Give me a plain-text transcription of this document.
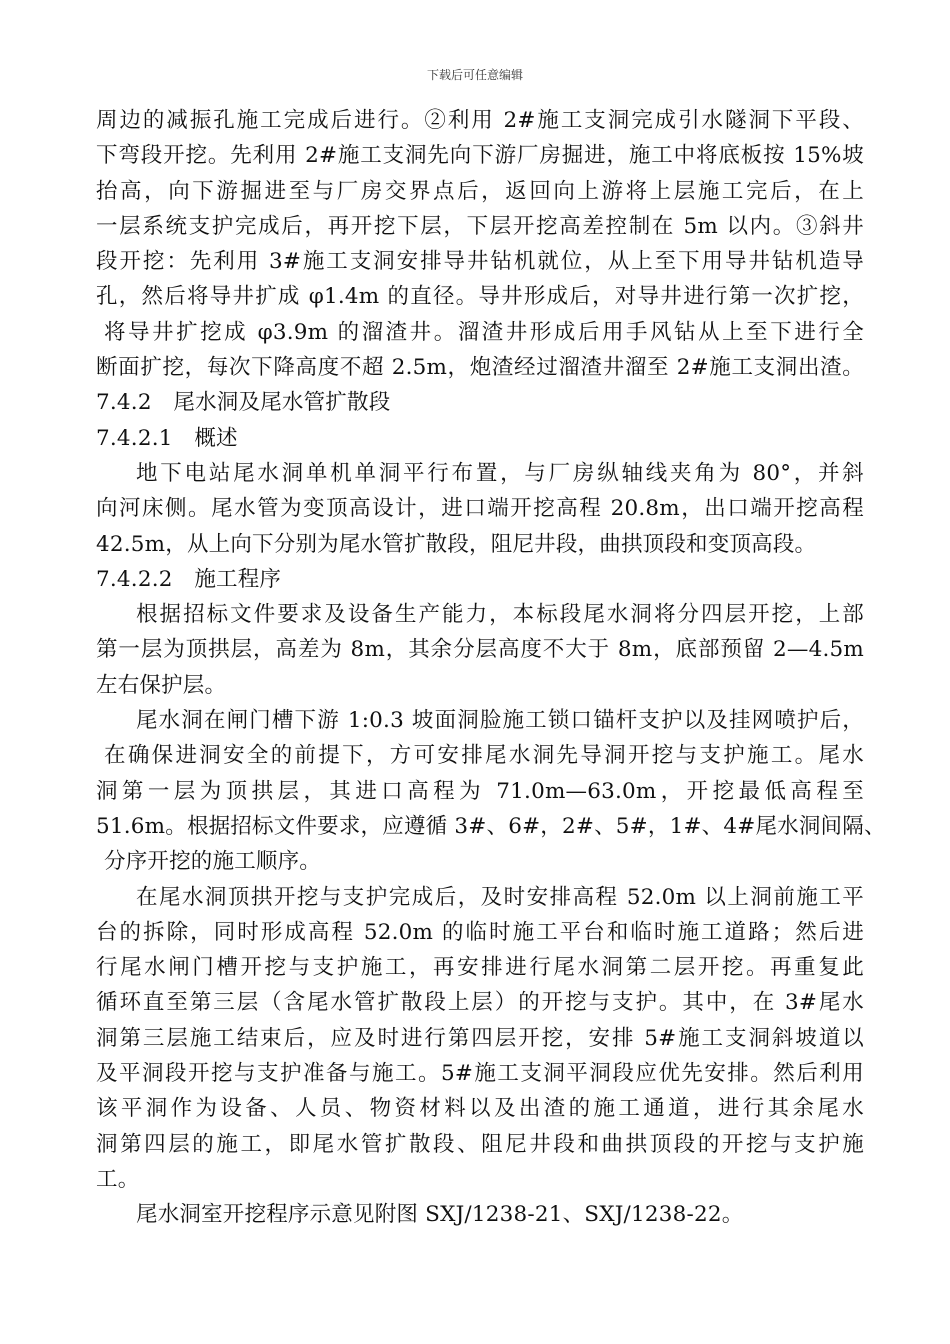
下载后可任意编辑
周边的减振孔施工完成后进行。②利用 2#施工支洞完成引水隧洞下平段、
下弯段开挖。先利用 2#施工支洞先向下游厂房掘进，施工中将底板按 15%坡
抬高，向下游掘进至与厂房交界点后，返回向上游将上层施工完后，在上
一层系统支护完成后，再开挖下层，下层开挖高差控制在 5m 以内。③斜井
段开挖：先利用 3#施工支洞安排导井钻机就位，从上至下用导井钻机造导
孔，然后将导井扩成 φ1.4m 的直径。导井形成后，对导井进行第一次扩挖，
将导井扩挖成 φ3.9m 的溜渣井。溜渣井形成后用手风钻从上至下进行全
断面扩挖，每次下降高度不超 2.5m，炮渣经过溜渣井溜至 2#施工支洞出渣。
7.4.2　尾水洞及尾水管扩散段
7.4.2.1　概述
地下电站尾水洞单机单洞平行布置，与厂房纵轴线夹角为 80°，并斜
向河床侧。尾水管为变顶高设计，进口端开挖高程 20.8m，出口端开挖高程
42.5m，从上向下分别为尾水管扩散段，阻尼井段，曲拱顶段和变顶高段。
7.4.2.2　施工程序
根据招标文件要求及设备生产能力，本标段尾水洞将分四层开挖，上部
第一层为顶拱层，高差为 8m，其余分层高度不大于 8m，底部预留 2—4.5m
左右保护层。
尾水洞在闸门槽下游 1:0.3 坡面洞脸施工锁口锚杆支护以及挂网喷护后，
在确保进洞安全的前提下，方可安排尾水洞先导洞开挖与支护施工。尾水
洞第一层为顶拱层，其进口高程为 71.0m—63.0m，开挖最低高程至
51.6m。根据招标文件要求，应遵循 3#、6#，2#、5#，1#、4#尾水洞间隔、
分序开挖的施工顺序。
在尾水洞顶拱开挖与支护完成后，及时安排高程 52.0m 以上洞前施工平
台的拆除，同时形成高程 52.0m 的临时施工平台和临时施工道路；然后进
行尾水闸门槽开挖与支护施工，再安排进行尾水洞第二层开挖。再重复此
循环直至第三层（含尾水管扩散段上层）的开挖与支护。其中，在 3#尾水
洞第三层施工结束后，应及时进行第四层开挖，安排 5#施工支洞斜坡道以
及平洞段开挖与支护准备与施工。5#施工支洞平洞段应优先安排。然后利用
该平洞作为设备、人员、物资材料以及出渣的施工通道，进行其余尾水
洞第四层的施工，即尾水管扩散段、阻尼井段和曲拱顶段的开挖与支护施
工。
尾水洞室开挖程序示意见附图 SXJ/1238-21、SXJ/1238-22。
